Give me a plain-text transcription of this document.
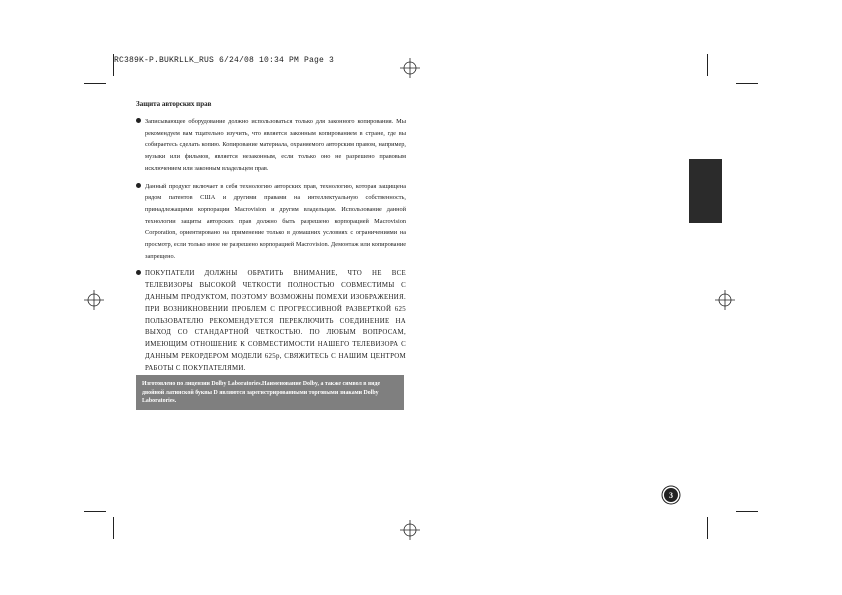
RC389K-P.BUKRLLK_RUS 6/24/08 10:34 PM Page 3
Защита авторских прав
Записывающее оборудование должно использоваться только для законного копирования. Мы рекомендуем вам тщательно изучить, что является законным копированием в стране, где вы собираетесь сделать копию. Копирование материала, охраняемого авторским правом, например, музыки или фильмов, является незаконным, если только оно не разрешено правовым исключением или законным владельцем прав.
Данный продукт включает в себя технологию авторских прав, технологию, которая защищена рядом патентов США и другими правами на интеллектуальную собственность, принадлежащими корпорации Macrovision и другим владельцам. Использование данной технологии защиты авторских прав должно быть разрешено корпорацией Macrovision Corporation, ориентировано на применение только в домашних условиях с ограничениями на просмотр, если только иное не разрешено корпорацией Macrovision. Демонтаж или копирование запрещено.
ПОКУПАТЕЛИ ДОЛЖНЫ ОБРАТИТЬ ВНИМАНИЕ, ЧТО НЕ ВСЕ ТЕЛЕВИЗОРЫ ВЫСОКОЙ ЧЕТКОСТИ ПОЛНОСТЬЮ СОВМЕСТИМЫ С ДАННЫМ ПРОДУКТОМ, ПОЭТОМУ ВОЗМОЖНЫ ПОМЕХИ ИЗОБРАЖЕНИЯ. ПРИ ВОЗНИКНОВЕНИИ ПРОБЛЕМ С ПРОГРЕССИВНОЙ РАЗВЕРТКОЙ 625 ПОЛЬЗОВАТЕЛЮ РЕКОМЕНДУЕТСЯ ПЕРЕКЛЮЧИТЬ СОЕДИНЕНИЕ НА ВЫХОД СО СТАНДАРТНОЙ ЧЕТКОСТЬЮ. ПО ЛЮБЫМ ВОПРОСАМ, ИМЕЮЩИМ ОТНОШЕНИЕ К СОВМЕСТИМОСТИ НАШЕГО ТЕЛЕВИЗОРА С ДАННЫМ РЕКОРДЕРОМ МОДЕЛИ 625р, СВЯЖИТЕСЬ С НАШИМ ЦЕНТРОМ РАБОТЫ С ПОКУПАТЕЛЯМИ.
Изготовлено по лицензии Dolby Laboratories.Наименование Dolby, а также символ в виде двойной латинской буквы D являются зарегистрированными торговыми знаками Dolby Laboratories.
3
